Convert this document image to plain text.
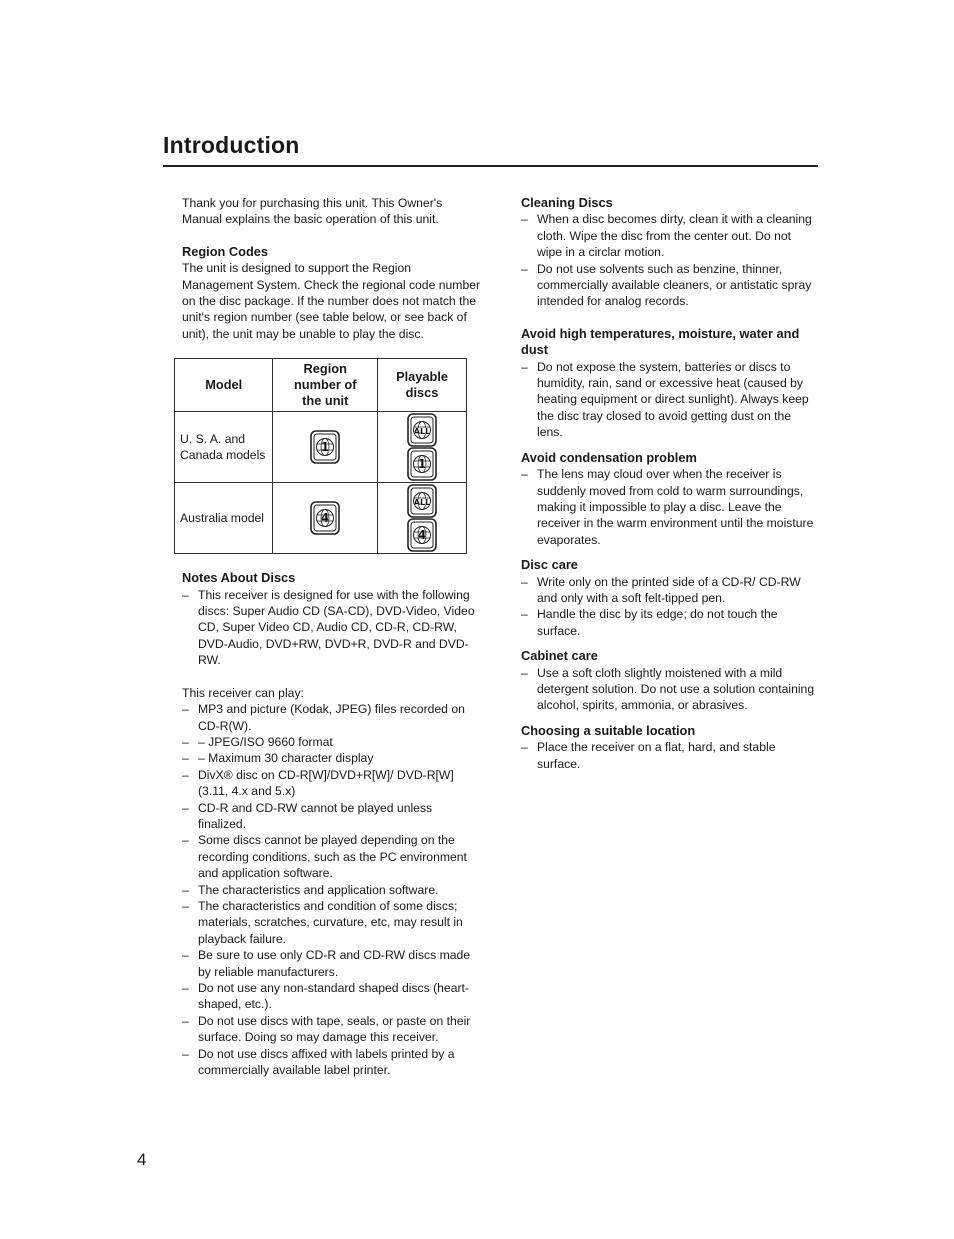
Introduction

Thank you for purchasing this unit. This Owner's Manual explains the basic operation of this unit.

Region Codes

The unit is designed to support the Region Management System. Check the regional code number on the disc package. If the number does not match the unit's region number (see table below, or see back of unit), the unit may be unable to play the disc.

Model	Region number of the unit	Playable discs
U. S. A. and Canada models	1	ALL
1

Australia model	4	ALL
4
Notes About Discs
– This receiver is designed for use with the following discs: Super Audio CD (SA-CD), DVD-Video, Video CD, Super Video CD, Audio CD, CD-R, CD-RW, DVD-Audio, DVD+RW, DVD+R, DVD-R and DVD-RW.

This receiver can play:

– MP3 and picture (Kodak, JPEG) files recorded on CD-R(W).
– – JPEG/ISO 9660 format
– – Maximum 30 character display
– DivX® disc on CD-R[W]/DVD+R[W]/ DVD-R[W](3.11, 4.x and 5.x)
– CD-R and CD-RW cannot be played unless finalized.
– Some discs cannot be played depending on the recording conditions, such as the PC environment and application software.
– The characteristics and application software.
– The characteristics and condition of some discs; materials, scratches, curvature, etc, may result in playback failure.
– Be sure to use only CD-R and CD-RW discs made by reliable manufacturers.
– Do not use any non-standard shaped discs (heart-shaped, etc.).
– Do not use discs with tape, seals, or paste on their surface. Doing so may damage this receiver.
– Do not use discs affixed with labels printed by a commercially available label printer.
Cleaning Discs
– When a disc becomes dirty, clean it with a cleaning cloth. Wipe the disc from the center out. Do not wipe in a circlar motion.
– Do not use solvents such as benzine, thinner, commercially available cleaners, or antistatic spray intended for analog records.
Avoid high temperatures, moisture, water and dust
– Do not expose the system, batteries or discs to humidity, rain, sand or excessive heat (caused by heating equipment or direct sunlight). Always keep the disc tray closed to avoid getting dust on the lens.
Avoid condensation problem
– The lens may cloud over when the receiver is suddenly moved from cold to warm surroundings, making it impossible to play a disc. Leave the receiver in the warm environment until the moisture evaporates.
Disc care
– Write only on the printed side of a CD-R/ CD-RW and only with a soft felt-tipped pen.
– Handle the disc by its edge; do not touch the surface.
Cabinet care
– Use a soft cloth slightly moistened with a mild detergent solution. Do not use a solution containing alcohol, spirits, ammonia, or abrasives.
Choosing a suitable location
– Place the receiver on a flat, hard, and stable surface.

4
